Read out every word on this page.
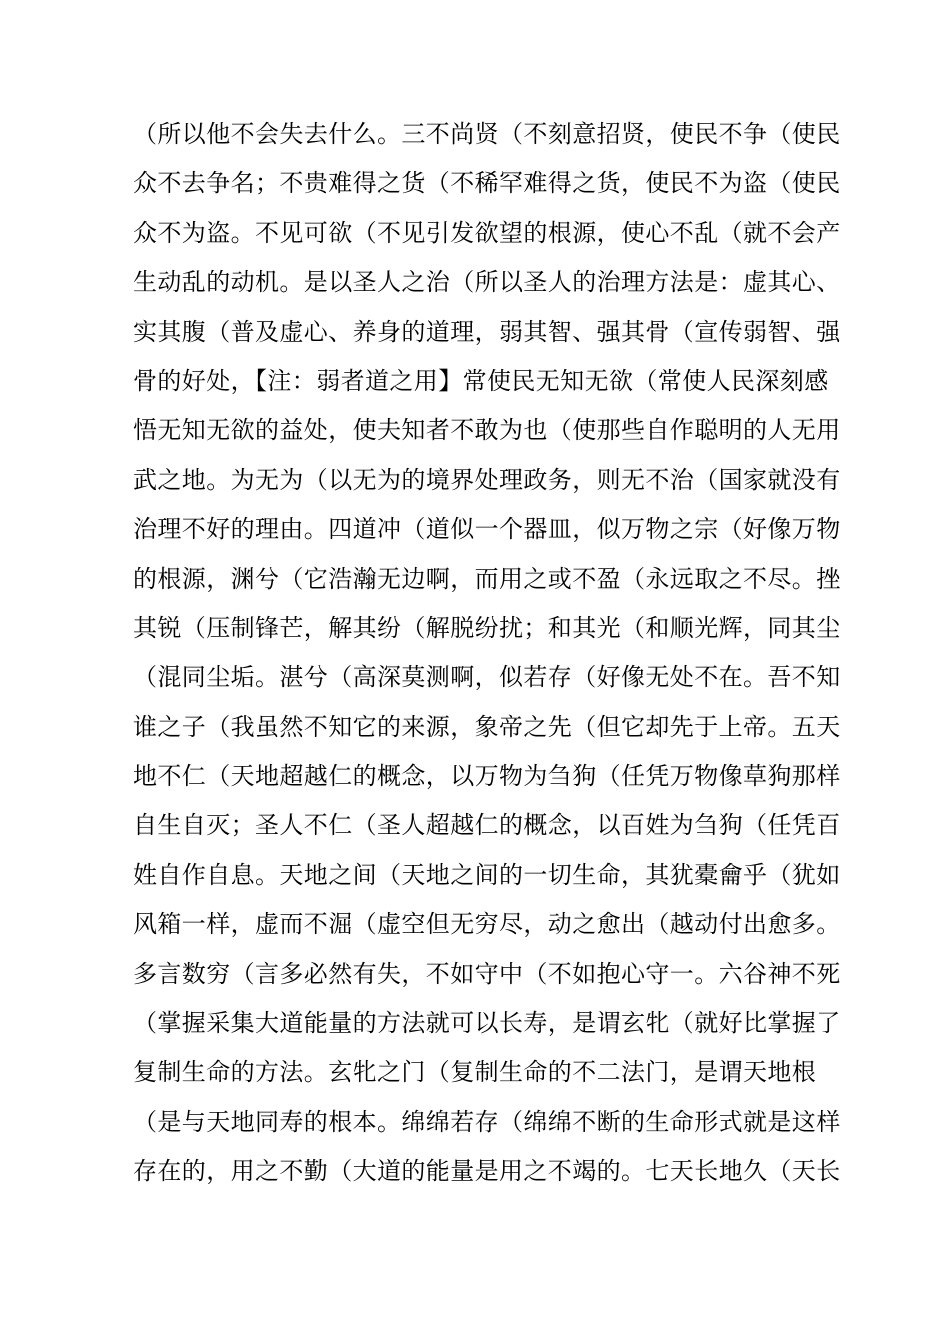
（所以他不会失去什么。三不尚贤（不刻意招贤，使民不争（使民
众不去争名；不贵难得之货（不稀罕难得之货，使民不为盗（使民
众不为盗。不见可欲（不见引发欲望的根源，使心不乱（就不会产
生动乱的动机。是以圣人之治（所以圣人的治理方法是：虚其心、
实其腹（普及虚心、养身的道理，弱其智、强其骨（宣传弱智、强
骨的好处，【注：弱者道之用】常使民无知无欲（常使人民深刻感
悟无知无欲的益处，使夫知者不敢为也（使那些自作聪明的人无用
武之地。为无为（以无为的境界处理政务，则无不治（国家就没有
治理不好的理由。四道冲（道似一个器皿，似万物之宗（好像万物
的根源，渊兮（它浩瀚无边啊，而用之或不盈（永远取之不尽。挫
其锐（压制锋芒，解其纷（解脱纷扰；和其光（和顺光辉，同其尘
（混同尘垢。湛兮（高深莫测啊，似若存（好像无处不在。吾不知
谁之子（我虽然不知它的来源，象帝之先（但它却先于上帝。五天
地不仁（天地超越仁的概念，以万物为刍狗（任凭万物像草狗那样
自生自灭；圣人不仁（圣人超越仁的概念，以百姓为刍狗（任凭百
姓自作自息。天地之间（天地之间的一切生命，其犹橐龠乎（犹如
风箱一样，虚而不淈（虚空但无穷尽，动之愈出（越动付出愈多。
多言数穷（言多必然有失，不如守中（不如抱心守一。六谷神不死
（掌握采集大道能量的方法就可以长寿，是谓玄牝（就好比掌握了
复制生命的方法。玄牝之门（复制生命的不二法门，是谓天地根
（是与天地同寿的根本。绵绵若存（绵绵不断的生命形式就是这样
存在的，用之不勤（大道的能量是用之不竭的。七天长地久（天长
